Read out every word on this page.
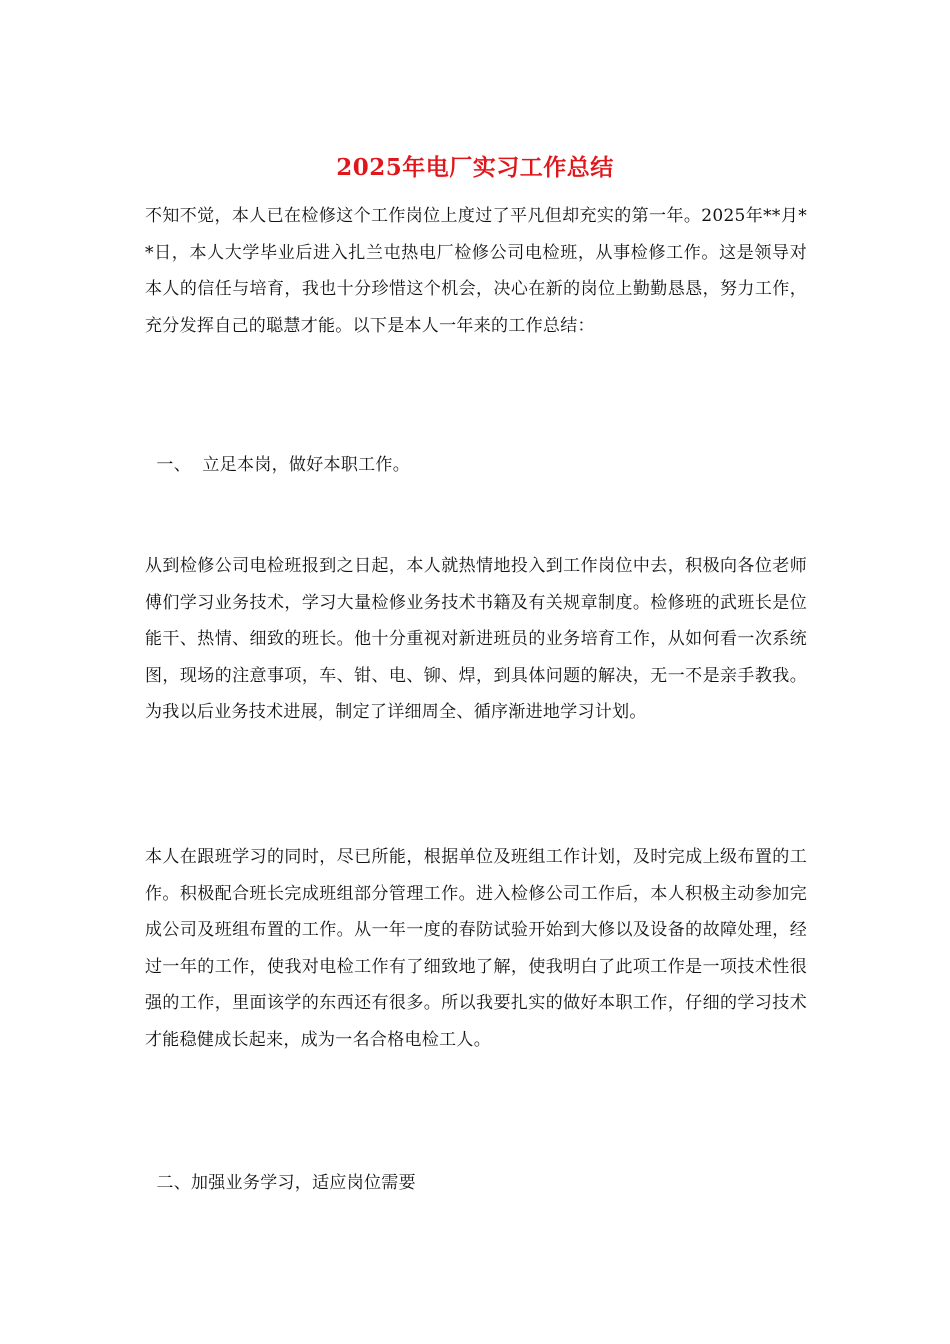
2025年电厂实习工作总结

不知不觉，本人已在检修这个工作岗位上度过了平凡但却充实的第一年。2025年**月**日，本人大学毕业后进入扎兰屯热电厂检修公司电检班，从事检修工作。这是领导对本人的信任与培育，我也十分珍惜这个机会，决心在新的岗位上勤勤恳恳，努力工作，充分发挥自己的聪慧才能。以下是本人一年来的工作总结：

一、  立足本岗，做好本职工作。

从到检修公司电检班报到之日起，本人就热情地投入到工作岗位中去，积极向各位老师傅们学习业务技术，学习大量检修业务技术书籍及有关规章制度。检修班的武班长是位能干、热情、细致的班长。他十分重视对新进班员的业务培育工作，从如何看一次系统图，现场的注意事项，车、钳、电、铆、焊，到具体问题的解决，无一不是亲手教我。为我以后业务技术进展，制定了详细周全、循序渐进地学习计划。

本人在跟班学习的同时，尽已所能，根据单位及班组工作计划，及时完成上级布置的工作。积极配合班长完成班组部分管理工作。进入检修公司工作后，本人积极主动参加完成公司及班组布置的工作。从一年一度的春防试验开始到大修以及设备的故障处理，经过一年的工作，使我对电检工作有了细致地了解，使我明白了此项工作是一项技术性很强的工作，里面该学的东西还有很多。所以我要扎实的做好本职工作，仔细的学习技术才能稳健成长起来，成为一名合格电检工人。

二、加强业务学习，适应岗位需要
